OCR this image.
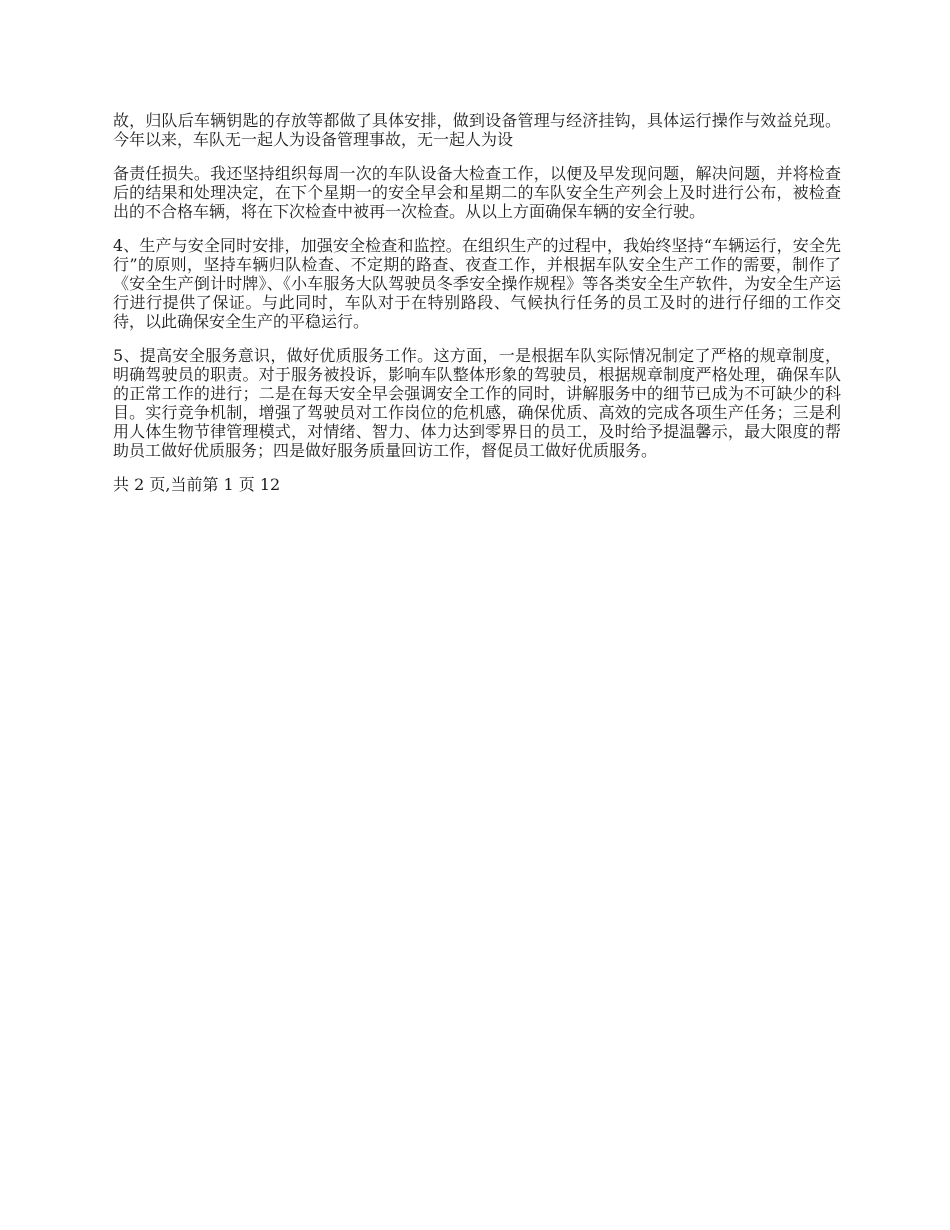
故，归队后车辆钥匙的存放等都做了具体安排，做到设备管理与经济挂钩，具体运行操作与效益兑现。今年以来，车队无一起人为设备管理事故，无一起人为设

备责任损失。我还坚持组织每周一次的车队设备大检查工作，以便及早发现问题，解决问题，并将检查后的结果和处理决定，在下个星期一的安全早会和星期二的车队安全生产列会上及时进行公布，被检查出的不合格车辆，将在下次检查中被再一次检查。从以上方面确保车辆的安全行驶。

4、生产与安全同时安排，加强安全检查和监控。在组织生产的过程中，我始终坚持“车辆运行，安全先行”的原则，坚持车辆归队检查、不定期的路查、夜查工作，并根据车队安全生产工作的需要，制作了《安全生产倒计时牌》、《小车服务大队驾驶员冬季安全操作规程》等各类安全生产软件，为安全生产运行进行提供了保证。与此同时，车队对于在特别路段、气候执行任务的员工及时的进行仔细的工作交待，以此确保安全生产的平稳运行。

5、提高安全服务意识，做好优质服务工作。这方面，一是根据车队实际情况制定了严格的规章制度，明确驾驶员的职责。对于服务被投诉，影响车队整体形象的驾驶员，根据规章制度严格处理，确保车队的正常工作的进行；二是在每天安全早会强调安全工作的同时，讲解服务中的细节已成为不可缺少的科目。实行竞争机制，增强了驾驶员对工作岗位的危机感，确保优质、高效的完成各项生产任务；三是利用人体生物节律管理模式，对情绪、智力、体力达到零界日的员工，及时给予提温馨示，最大限度的帮助员工做好优质服务；四是做好服务质量回访工作，督促员工做好优质服务。

共 2 页,当前第 1 页 12
